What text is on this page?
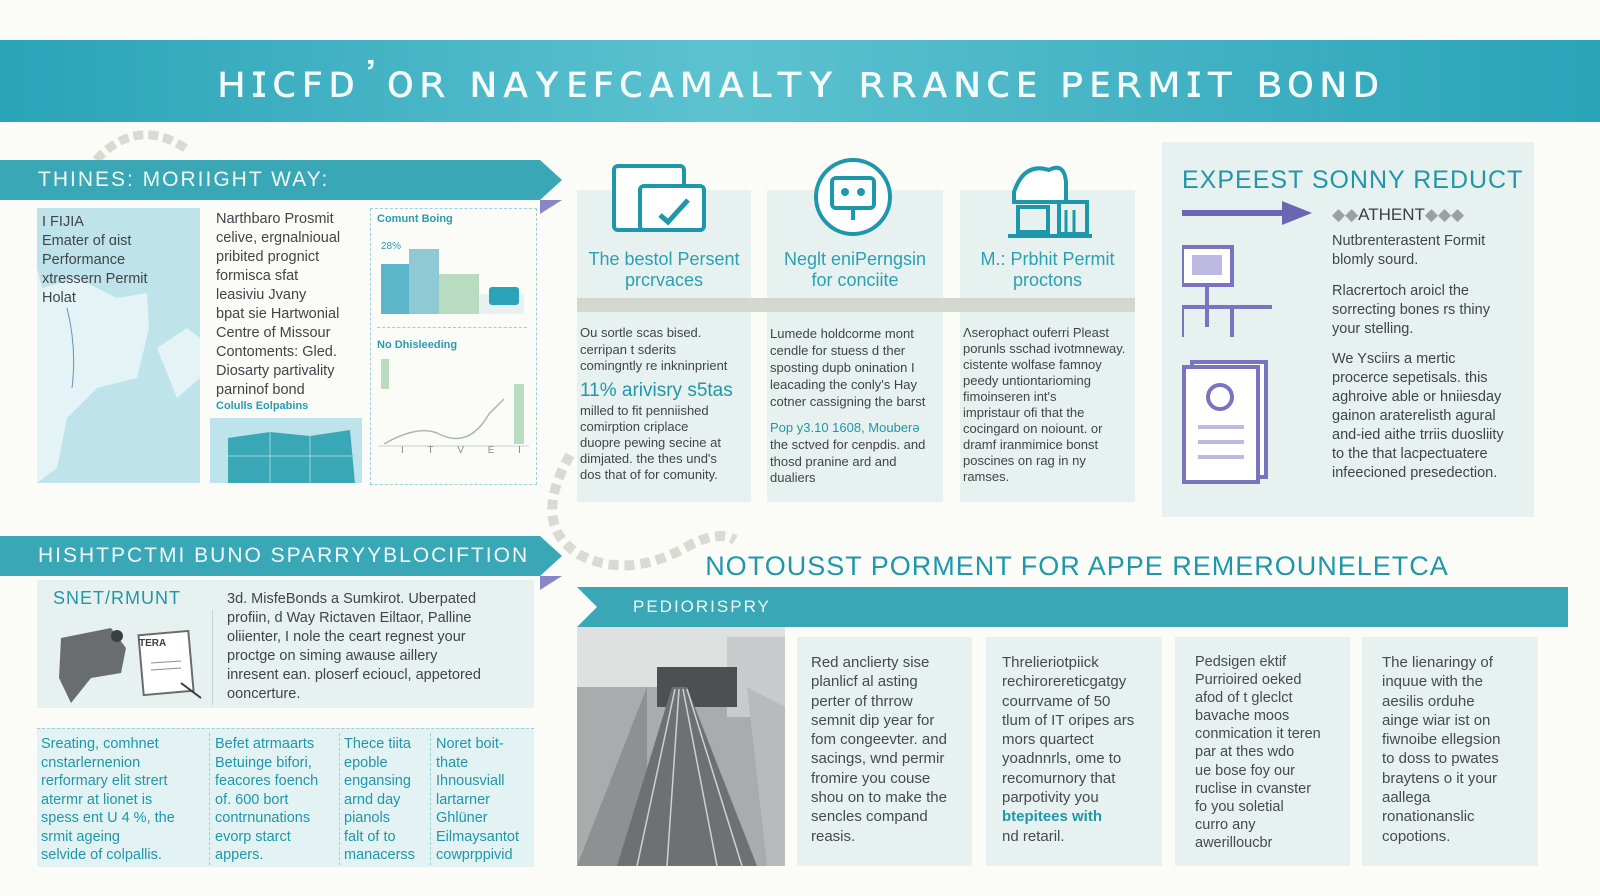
ʜɪcꜰᴅ᾿ᴏʀ ɴᴀʏᴇꜰᴄᴀᴍᴀʟᴛʏ ʀʀᴀɴᴄᴇ ᴘᴇʀᴍɪᴛ ʙᴏɴᴅ
THINES: MORIIGHT WAY:
I FIJIA
Emater of ɑist
Performance
xtressern Permit
Holat
Narthbaro Prosmit
celive, ergnalnioual
pribited prognict
formisca sfat
leasiviu Jvany
bpat sie Hartwonial
Centre of Missour
Contoments: Gled.
Diosarty partivality
parninof bond
Comunt Boing
28%
No Dhisleeding
I T V E I
Colulls Eolpabins
HISHTPCTMI BUNO SPARRYYBLOCIFTION
SNET/RMUNT
TERA
3d. MisfeBonds a Sumkirot. Uberpated
profiin, d Way Rictaven Eiltaor, Palline
oliienter, I nole the ceart regnest your
proctge on siming awause aillery
inresent ean. ploserf ecioucl, appetored
ooncerture.
Sreating, comhnet
cnstarlernenion
rerformary elit strert
atermr at lionet is
spess ent U 4 %, the
srmit ageing
selvide of colpallis.
Befet atrmaarts
Betuinge bifori,
feacores foench
of. 600 bort
contrnunations
evorp starct
appers.
Thece tiita
epoble
engansing
arnd day
pianols
falt of to
manacerss
Noret boit-
thate
Ihnousviall
lartarner
Ghlüner
Eilmaysantot
cowprppivid
The bestol Persent
prcrvaces
Neglt eniPerngsin
for conciite
M.: Prbhit Permit
proctons
Ou sortle scas bised.
cerripan t sderits
comingntly re inkninprient
11% arivisry s5tas
milled to fit penniished
comirption criplace
duopre pewing secine at
dimjated. the thes und's
dos that of for comunity.
Lumede holdcorme mont
cendle for stuess d ther
sposting dupb onination I
leacading the conly's Hay
cotner cassigning the barst
Pop y3.10 1608, Mouberə
the sctved for cenpdis. and
thosd pranine ard and
dualiers
Ʌserophact ouferri Pleast
porunls sschad ivotmneway.
cistente wolfase famnoy
peedy untiontarioming
fimoinseren int's
impristaur ofi that the
cocingard on noiount. or
dramf iranmimice bonst
poscines on rag in ny
ramses.
EXPEEST SONNY REDUCT
◆◆ATHENT◆◆◆
Nutbrenterastent Formit
blomly sourd.
Rlacrertoch aroicl the
sorrecting bones rs thiny
your stelling.
We Ysciirs a mertic
procerce sepetisals. this
aghroive able or hniiesday
gainon araterelisth agural
and-ied aithe trriis duosliity
to the that lacpectuatere
infeecioned presedection.
NOTOUSST PORMENT FOR APPE REMEROUNELETCA
PEDIORISPRY
Red anclierty sise
planlicf al asting
perter of thrrow
semnit dip year for
fom congeevter. and
sacings, wnd permir
fromire you couse
shou on to make the
sencles compand
reasis.
Threlieriotpiick
rechirorereticgatgy
courrvame of 50
tlum of IT oripes ars
mors quartect
yoadnnrls, ome to
recomurnory that
parpotivity you

btepitees with
nd retaril.
Pedsigen ektif
Purrioired oeked
afod of t gleclct
bavache moos
conmication it teren
par at thes wdo
ue bose foy our
ruclise in cvanster
fo you soletial
curro any
awerilloucbr
The lienaringy of
inquue with the
aesilis orduhe
ainge wiar ist on
fiwnoibe ellegsion
to doss to pwates
braytens o it your
aallega
ronationanslic
copotions.
